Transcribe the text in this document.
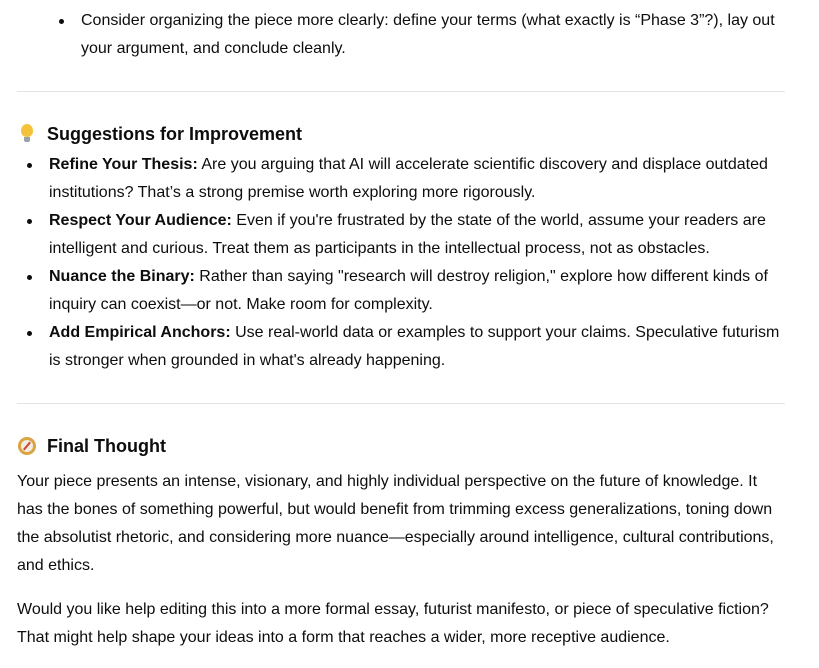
Consider organizing the piece more clearly: define your terms (what exactly is “Phase 3”?), lay out your argument, and conclude cleanly.
Suggestions for Improvement
Refine Your Thesis: Are you arguing that AI will accelerate scientific discovery and displace outdated institutions? That’s a strong premise worth exploring more rigorously.
Respect Your Audience: Even if you're frustrated by the state of the world, assume your readers are intelligent and curious. Treat them as participants in the intellectual process, not as obstacles.
Nuance the Binary: Rather than saying "research will destroy religion," explore how different kinds of inquiry can coexist—or not. Make room for complexity.
Add Empirical Anchors: Use real-world data or examples to support your claims. Speculative futurism is stronger when grounded in what's already happening.
Final Thought

Your piece presents an intense, visionary, and highly individual perspective on the future of knowledge. It has the bones of something powerful, but would benefit from trimming excess generalizations, toning down the absolutist rhetoric, and considering more nuance—especially around intelligence, cultural contributions, and ethics.

Would you like help editing this into a more formal essay, futurist manifesto, or piece of speculative fiction? That might help shape your ideas into a form that reaches a wider, more receptive audience.
